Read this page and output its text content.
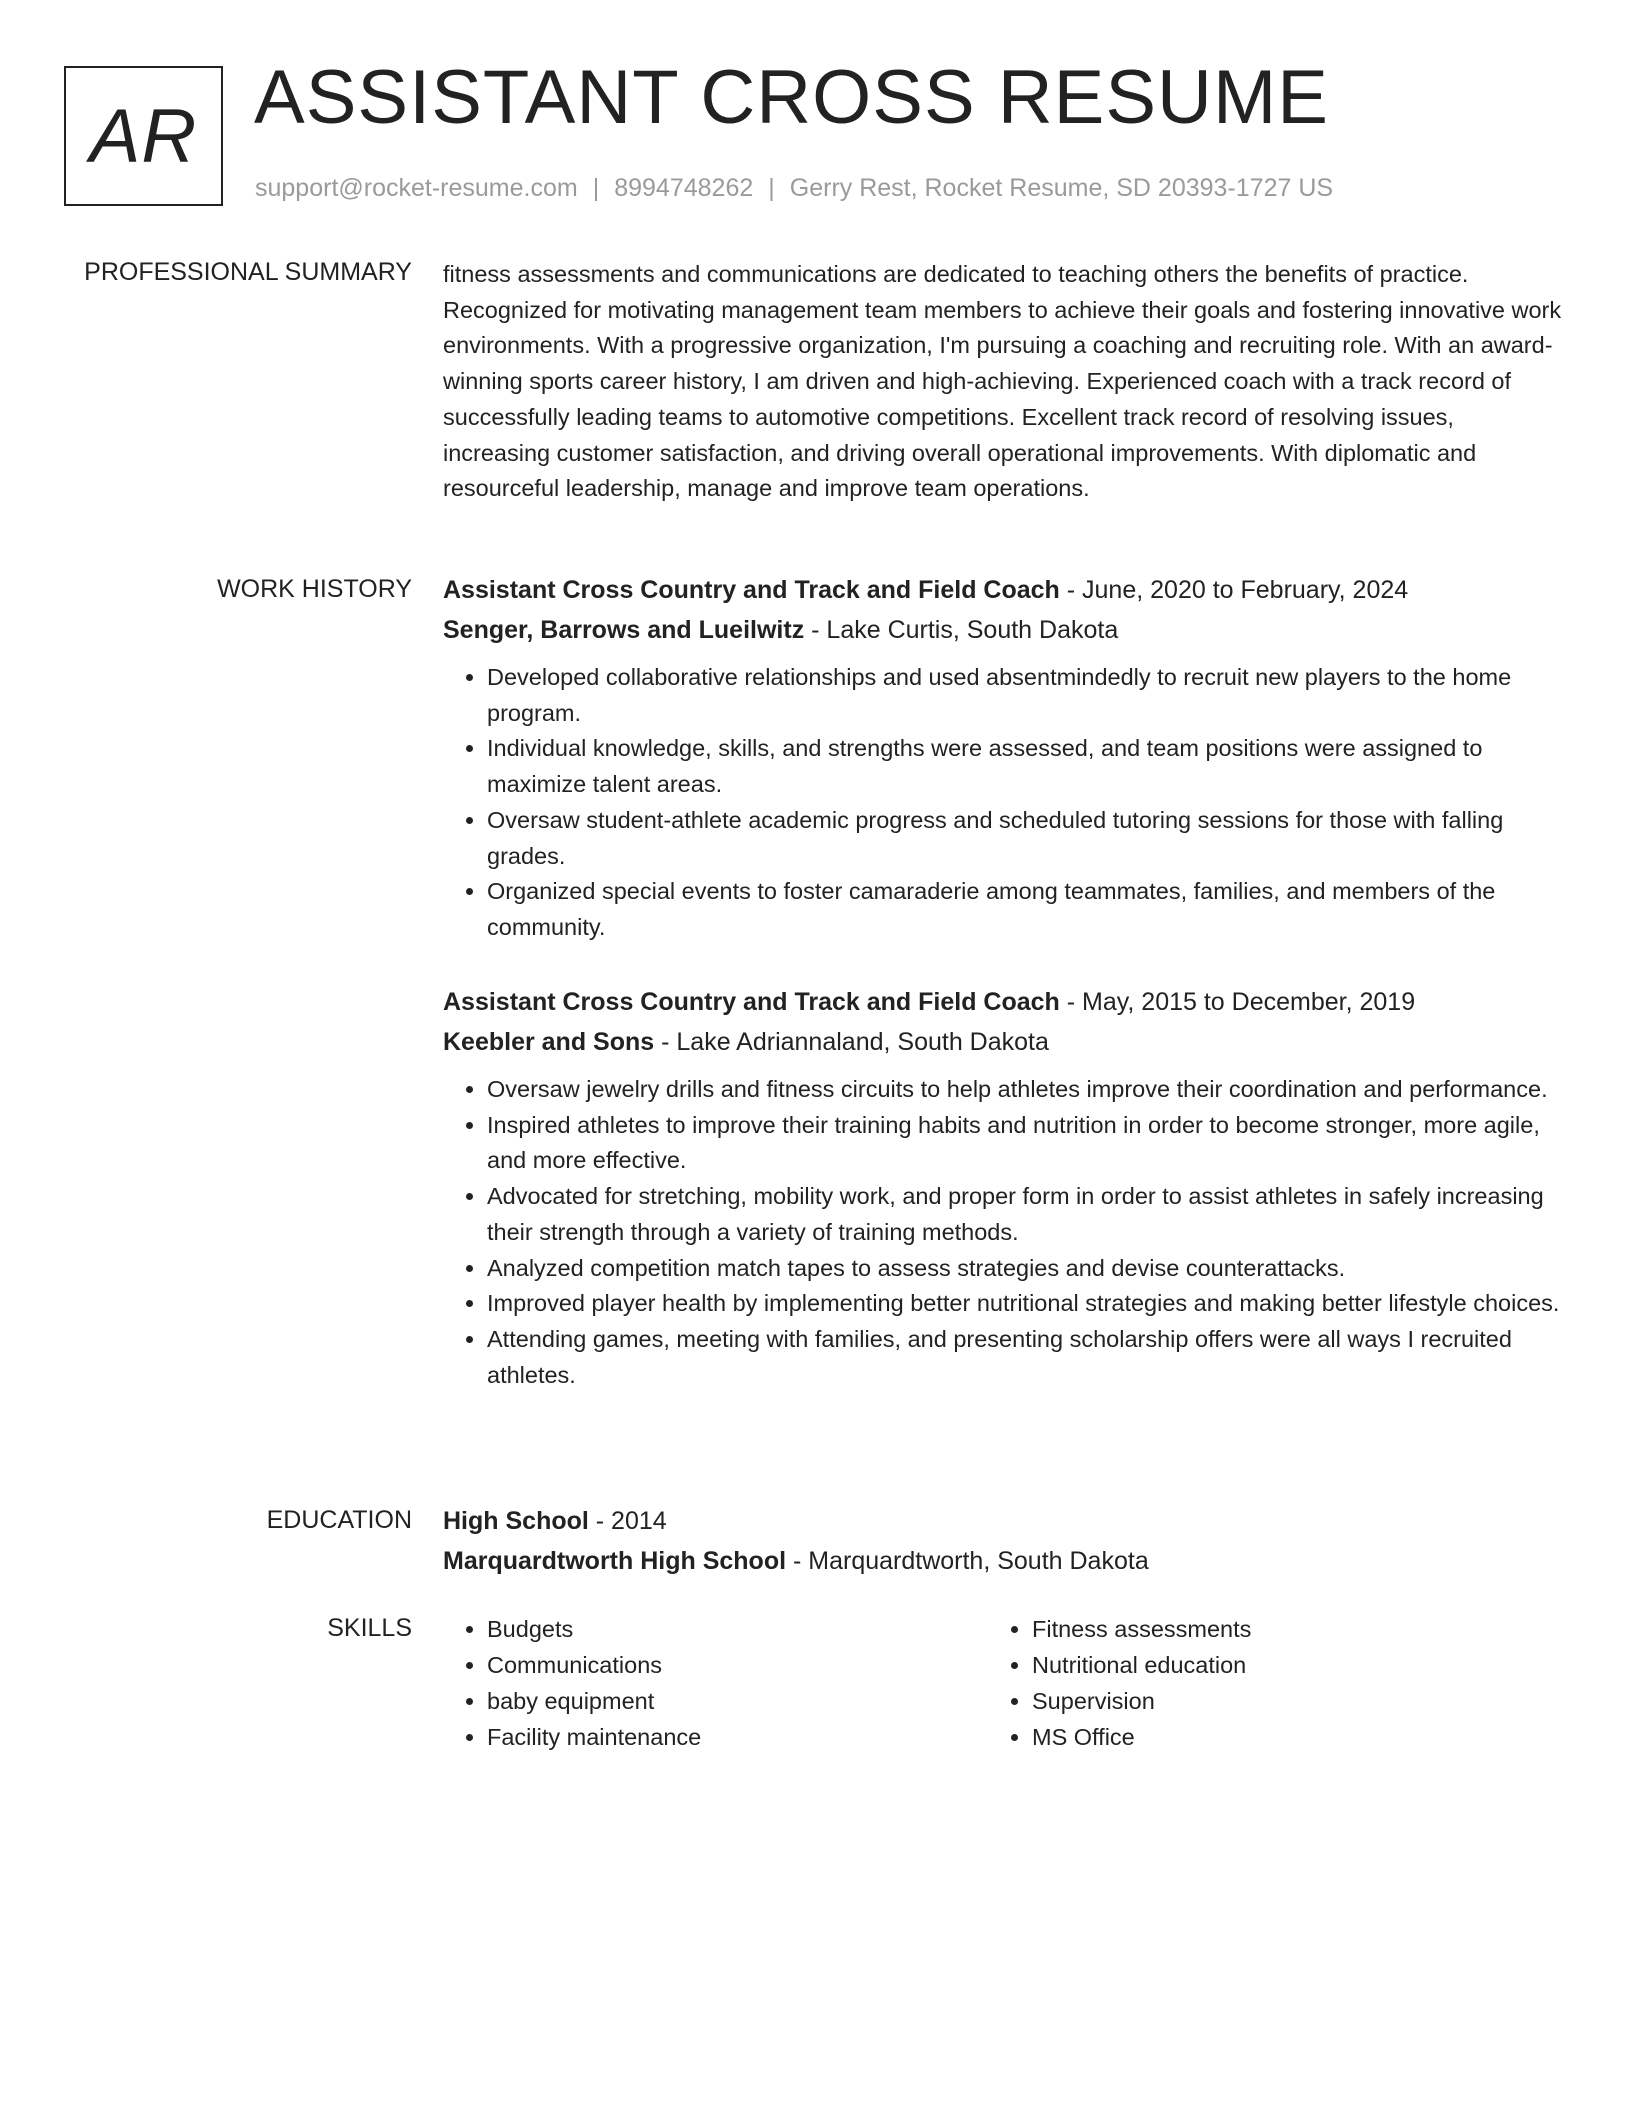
AR ASSISTANT CROSS RESUME
support@rocket-resume.com | 8994748262 | Gerry Rest, Rocket Resume, SD 20393-1727 US
PROFESSIONAL SUMMARY fitness assessments and communications are dedicated to teaching others the benefits of practice. Recognized for motivating management team members to achieve their goals and fostering innovative work environments. With a progressive organization, I'm pursuing a coaching and recruiting role. With an award-winning sports career history, I am driven and high-achieving. Experienced coach with a track record of successfully leading teams to automotive competitions. Excellent track record of resolving issues, increasing customer satisfaction, and driving overall operational improvements. With diplomatic and resourceful leadership, manage and improve team operations.
WORK HISTORY Assistant Cross Country and Track and Field Coach - June, 2020 to February, 2024
Senger, Barrows and Lueilwitz - Lake Curtis, South Dakota
• Developed collaborative relationships and used absentmindedly to recruit new players to the home program.
• Individual knowledge, skills, and strengths were assessed, and team positions were assigned to maximize talent areas.
• Oversaw student-athlete academic progress and scheduled tutoring sessions for those with falling grades.
• Organized special events to foster camaraderie among teammates, families, and members of the community.
Assistant Cross Country and Track and Field Coach - May, 2015 to December, 2019
Keebler and Sons - Lake Adriannaland, South Dakota
• Oversaw jewelry drills and fitness circuits to help athletes improve their coordination and performance.
• Inspired athletes to improve their training habits and nutrition in order to become stronger, more agile, and more effective.
• Advocated for stretching, mobility work, and proper form in order to assist athletes in safely increasing their strength through a variety of training methods.
• Analyzed competition match tapes to assess strategies and devise counterattacks.
• Improved player health by implementing better nutritional strategies and making better lifestyle choices.
• Attending games, meeting with families, and presenting scholarship offers were all ways I recruited athletes.
EDUCATION High School - 2014
Marquardtworth High School - Marquardtworth, South Dakota
SKILLS
•	Budgets
• Communications
• baby equipment
• Facility maintenance
• Fitness assessments
• Nutritional education
• Supervision
• MS Office
